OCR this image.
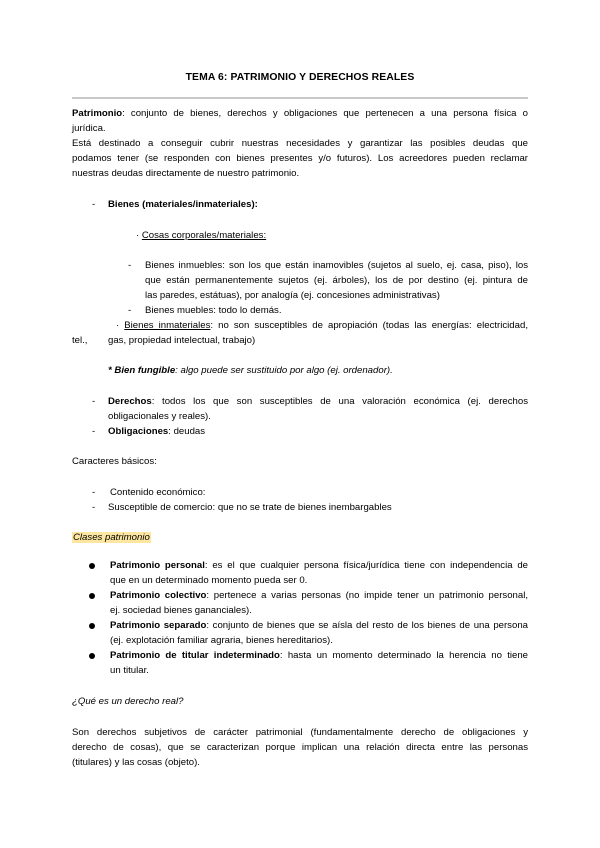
TEMA 6: PATRIMONIO Y DERECHOS REALES
Patrimonio: conjunto de bienes, derechos y obligaciones que pertenecen a una persona física o
jurídica.
Está destinado a conseguir cubrir nuestras necesidades y garantizar las posibles deudas que
podamos tener (se responden con bienes presentes y/o futuros). Los acreedores pueden reclamar
nuestras deudas directamente de nuestro patrimonio.
- Bienes (materiales/inmateriales):
· Cosas corporales/materiales:
- Bienes inmuebles: son los que están inamovibles (sujetos al suelo, ej. casa, piso), los
que están permanentemente sujetos (ej. árboles), los de por destino (ej. pintura de
las paredes, estátuas), por analogía (ej. concesiones administrativas)
- Bienes muebles: todo lo demás.
· Bienes inmateriales: no son susceptibles de apropiación (todas las energías: electricidad,
tel., gas, propiedad intelectual, trabajo)
* Bien fungible: algo puede ser sustituido por algo (ej. ordenador).
- Derechos: todos los que son susceptibles de una valoración económica (ej. derechos
obligacionales y reales).
- Obligaciones: deudas
Caracteres básicos:
- Contenido económico:
- Susceptible de comercio: que no se trate de bienes inembargables
Clases patrimonio
Patrimonio personal: es el que cualquier persona física/jurídica tiene con independencia de
que en un determinado momento pueda ser 0.
Patrimonio colectivo: pertenece a varias personas (no impide tener un patrimonio personal,
ej. sociedad bienes gananciales).
Patrimonio separado: conjunto de bienes que se aísla del resto de los bienes de una persona
(ej. explotación familiar agraria, bienes hereditarios).
Patrimonio de titular indeterminado: hasta un momento determinado la herencia no tiene
un titular.
¿Qué es un derecho real?
Son derechos subjetivos de carácter patrimonial (fundamentalmente derecho de obligaciones y
derecho de cosas), que se caracterizan porque implican una relación directa entre las personas
(titulares) y las cosas (objeto).
